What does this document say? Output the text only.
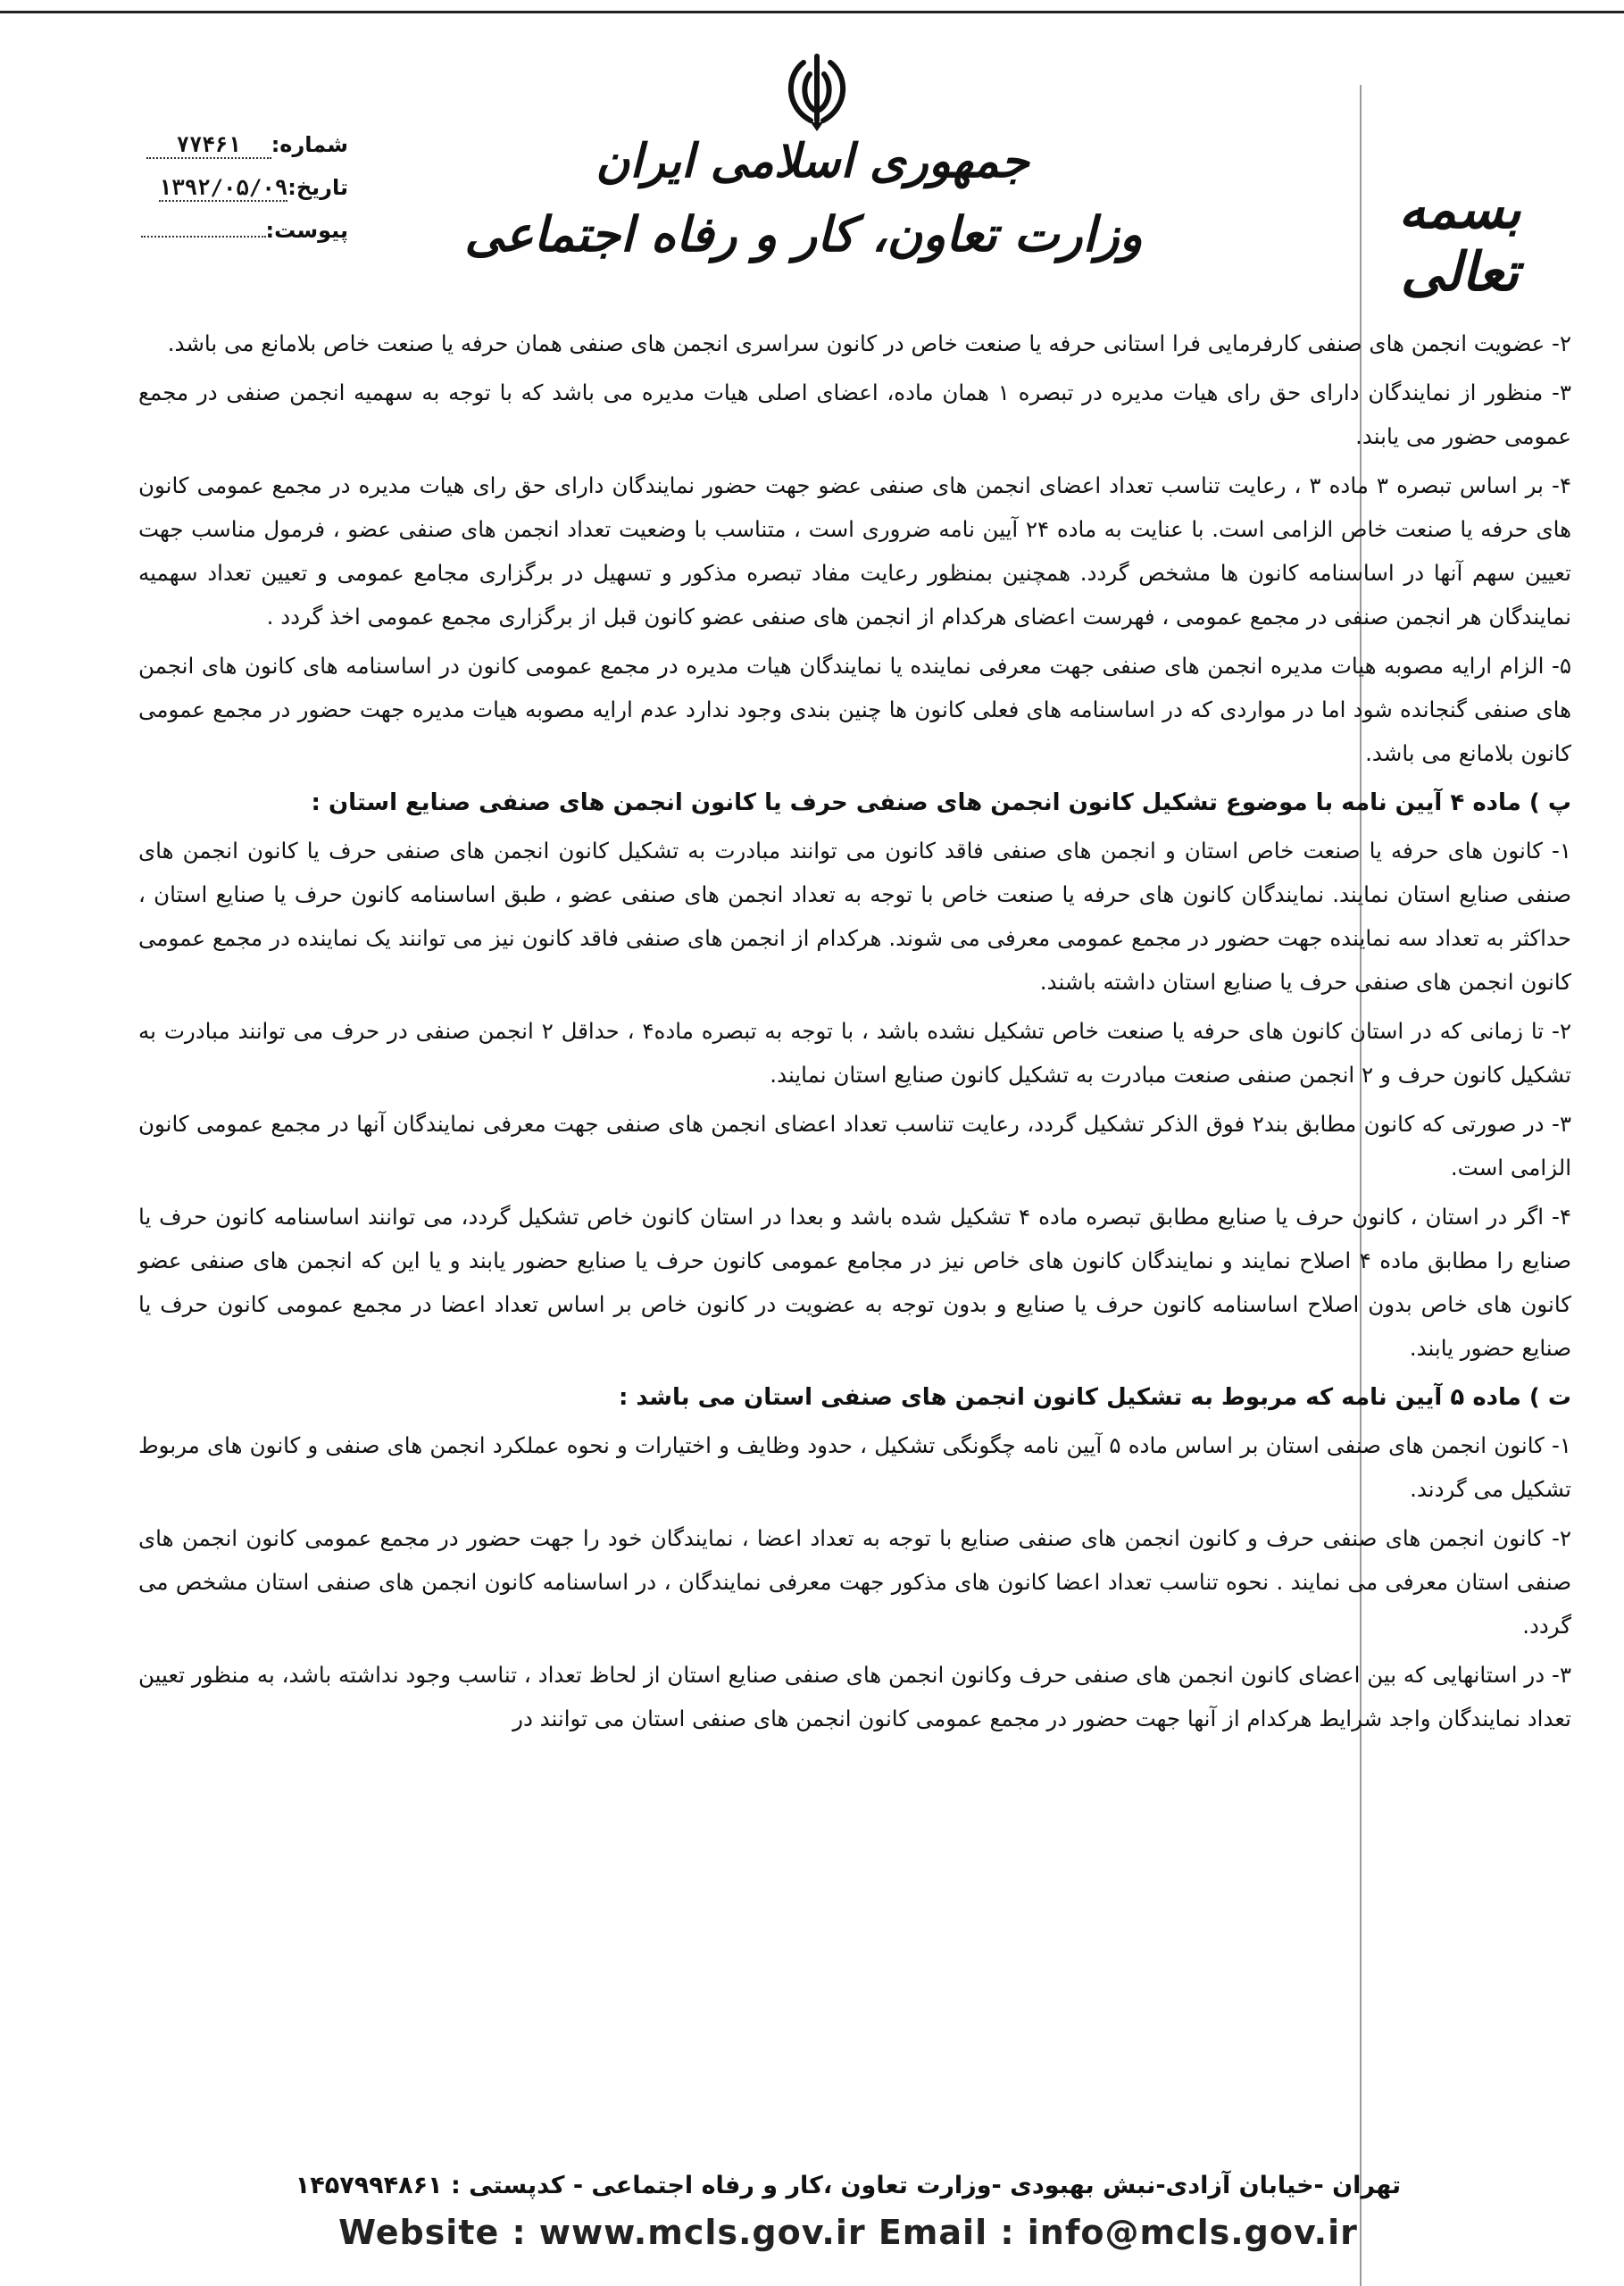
جمهوری اسلامی ایران
وزارت تعاون، کار و رفاه اجتماعی	بسمه تعالی
شماره:۷۷۴۶۱
تاریخ:۱۳۹۲/۰۵/۰۹
پیوست:

۲- عضویت انجمن های صنفی کارفرمایی فرا استانی حرفه یا صنعت خاص در کانون سراسری انجمن های صنفی همان حرفه یا صنعت خاص بلامانع می باشد.

۳- منظور از نمایندگان دارای حق رای هیات مدیره در تبصره ۱ همان ماده، اعضای اصلی هیات مدیره می باشد که با توجه به سهمیه انجمن صنفی در مجمع عمومی حضور می یابند.

۴- بر اساس تبصره ۳ ماده ۳ ، رعایت تناسب تعداد اعضای انجمن های صنفی عضو جهت حضور نمایندگان دارای حق رای هیات مدیره در مجمع عمومی کانون های حرفه یا صنعت خاص الزامی است. با عنایت به ماده ۲۴ آیین نامه ضروری است ، متناسب با وضعیت تعداد انجمن های صنفی عضو ، فرمول مناسب جهت تعیین سهم آنها در اساسنامه کانون ها مشخص گردد. همچنین بمنظور رعایت مفاد تبصره مذکور و تسهیل در برگزاری مجامع عمومی و تعیین تعداد سهمیه نمایندگان هر انجمن صنفی در مجمع عمومی ، فهرست اعضای هرکدام از انجمن های صنفی عضو کانون قبل از برگزاری مجمع عمومی اخذ گردد .

۵- الزام ارایه مصوبه هیات مدیره انجمن های صنفی جهت معرفی نماینده یا نمایندگان هیات مدیره در مجمع عمومی کانون در اساسنامه های کانون های انجمن های صنفی گنجانده شود اما در مواردی که در اساسنامه های فعلی کانون ها چنین بندی وجود ندارد عدم ارایه مصوبه هیات مدیره جهت حضور در مجمع عمومی کانون بلامانع می باشد.

پ ) ماده ۴ آیین نامه با موضوع تشکیل کانون انجمن های صنفی حرف یا کانون انجمن های صنفی صنایع استان :

۱- کانون های حرفه یا صنعت خاص استان و انجمن های صنفی فاقد کانون می توانند مبادرت به تشکیل کانون انجمن های صنفی حرف یا کانون انجمن های صنفی صنایع استان نمایند. نمایندگان کانون های حرفه یا صنعت خاص با توجه به تعداد انجمن های صنفی عضو ، طبق اساسنامه کانون حرف یا صنایع استان ، حداکثر به تعداد سه نماینده جهت حضور در مجمع عمومی معرفی می شوند. هرکدام از انجمن های صنفی فاقد کانون نیز می توانند یک نماینده در مجمع عمومی کانون انجمن های صنفی حرف یا صنایع استان داشته باشند.

۲- تا زمانی که در استان کانون های حرفه یا صنعت خاص تشکیل نشده باشد ، با توجه به تبصره ماده۴ ، حداقل ۲ انجمن صنفی در حرف می توانند مبادرت به تشکیل کانون حرف و ۲ انجمن صنفی صنعت مبادرت به تشکیل کانون صنایع استان نمایند.

۳- در صورتی که کانون مطابق بند۲ فوق الذکر تشکیل گردد، رعایت تناسب تعداد اعضای انجمن های صنفی جهت معرفی نمایندگان آنها در مجمع عمومی کانون الزامی است.

۴- اگر در استان ، کانون حرف یا صنایع مطابق تبصره ماده ۴ تشکیل شده باشد و بعدا در استان کانون خاص تشکیل گردد، می توانند اساسنامه کانون حرف یا صنایع را مطابق ماده ۴ اصلاح نمایند و نمایندگان کانون های خاص نیز در مجامع عمومی کانون حرف یا صنایع حضور یابند و یا این که انجمن های صنفی عضو کانون های خاص بدون اصلاح اساسنامه کانون حرف یا صنایع و بدون توجه به عضویت در کانون خاص بر اساس تعداد اعضا در مجمع عمومی کانون حرف یا صنایع حضور یابند.

ت ) ماده ۵ آیین نامه که مربوط به تشکیل کانون انجمن های صنفی استان می باشد :

۱- کانون انجمن های صنفی استان بر اساس ماده ۵ آیین نامه چگونگی تشکیل ، حدود وظایف و اختیارات و نحوه عملکرد انجمن های صنفی و کانون های مربوط تشکیل می گردند.

۲- کانون انجمن های صنفی حرف و کانون انجمن های صنفی صنایع با توجه به تعداد اعضا ، نمایندگان خود را جهت حضور در مجمع عمومی کانون انجمن های صنفی استان معرفی می نمایند . نحوه تناسب تعداد اعضا کانون های مذکور جهت معرفی نمایندگان ، در اساسنامه کانون انجمن های صنفی استان مشخص می گردد.

۳- در استانهایی که بین اعضای کانون انجمن های صنفی حرف وکانون انجمن های صنفی صنایع استان از لحاظ تعداد ، تناسب وجود نداشته باشد، به منظور تعیین تعداد نمایندگان واجد شرایط هرکدام از آنها جهت حضور در مجمع عمومی کانون انجمن های صنفی استان می توانند در

تهران -خیابان آزادی-نبش بهبودی -وزارت تعاون ،کار و رفاه اجتماعی - کدپستی : ۱۴۵۷۹۹۴۸۶۱
Website : www.mcls.gov.ir Email : info@mcls.gov.ir
